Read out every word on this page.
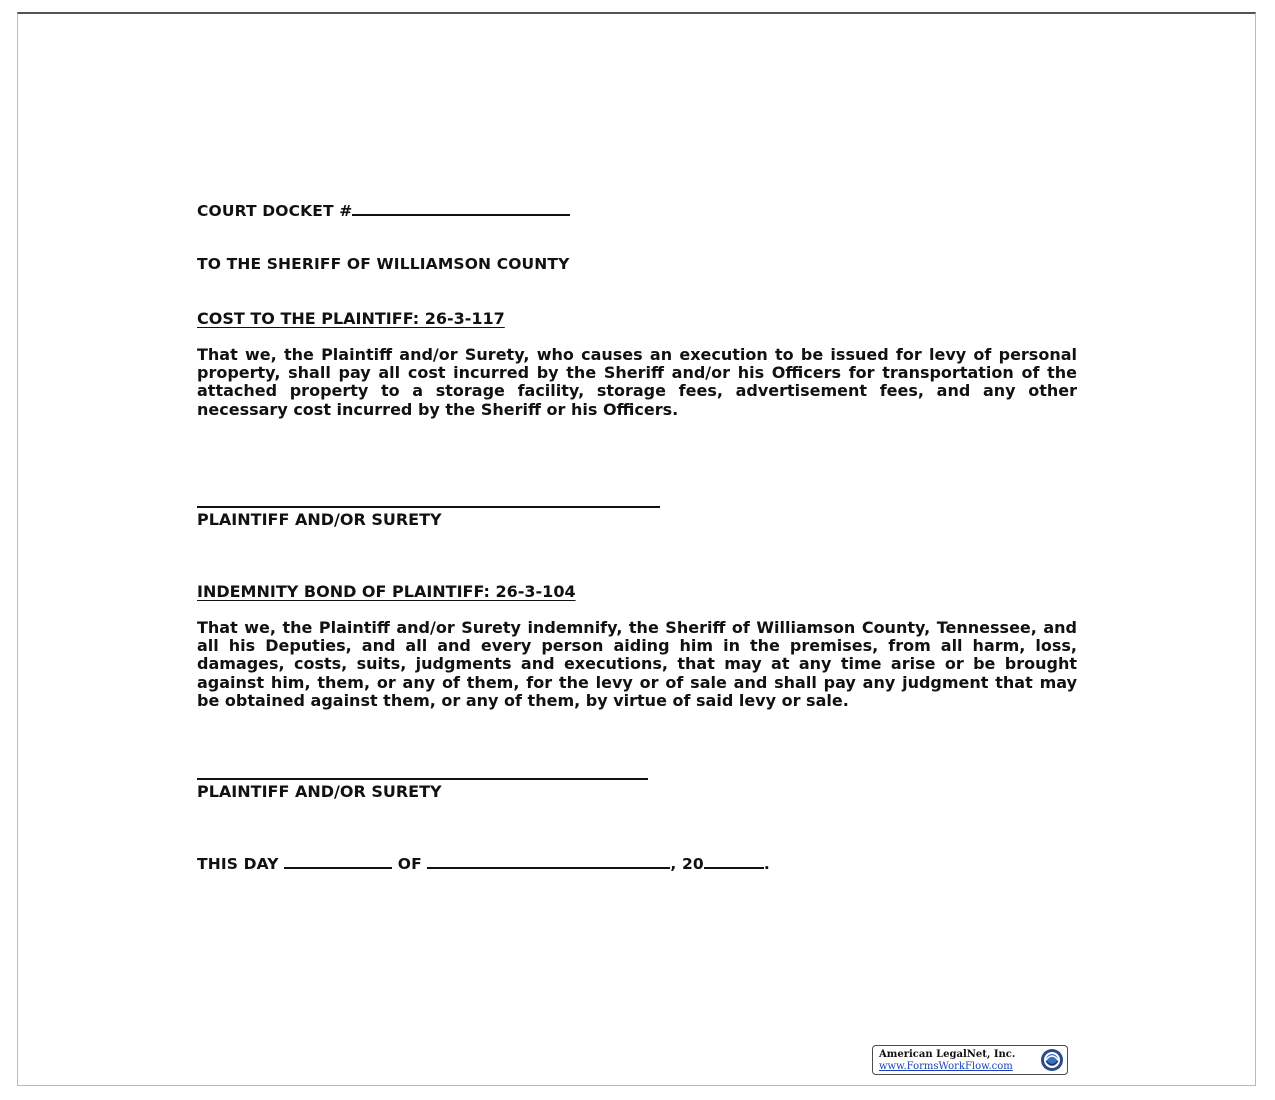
COURT DOCKET #
TO THE SHERIFF OF WILLIAMSON COUNTY
COST TO THE PLAINTIFF: 26-3-117
That we, the Plaintiff and/or Surety, who causes an execution to be issued for levy of personal property, shall pay all cost incurred by the Sheriff and/or his Officers for transportation of the attached property to a storage facility, storage fees, advertisement fees, and any other necessary cost incurred by the Sheriff or his Officers.
PLAINTIFF AND/OR SURETY
INDEMNITY BOND OF PLAINTIFF: 26-3-104
That we, the Plaintiff and/or Surety indemnify, the Sheriff of Williamson County, Tennessee, and all his Deputies, and all and every person aiding him in the premises, from all harm, loss, damages, costs, suits, judgments and executions, that may at any time arise or be brought against him, them, or any of them, for the levy or of sale and shall pay any judgment that may be obtained against them, or any of them, by virtue of said levy or sale.
PLAINTIFF AND/OR SURETY
THIS DAY	OF	, 20	.
American LegalNet, Inc.
www.FormsWorkFlow.com
